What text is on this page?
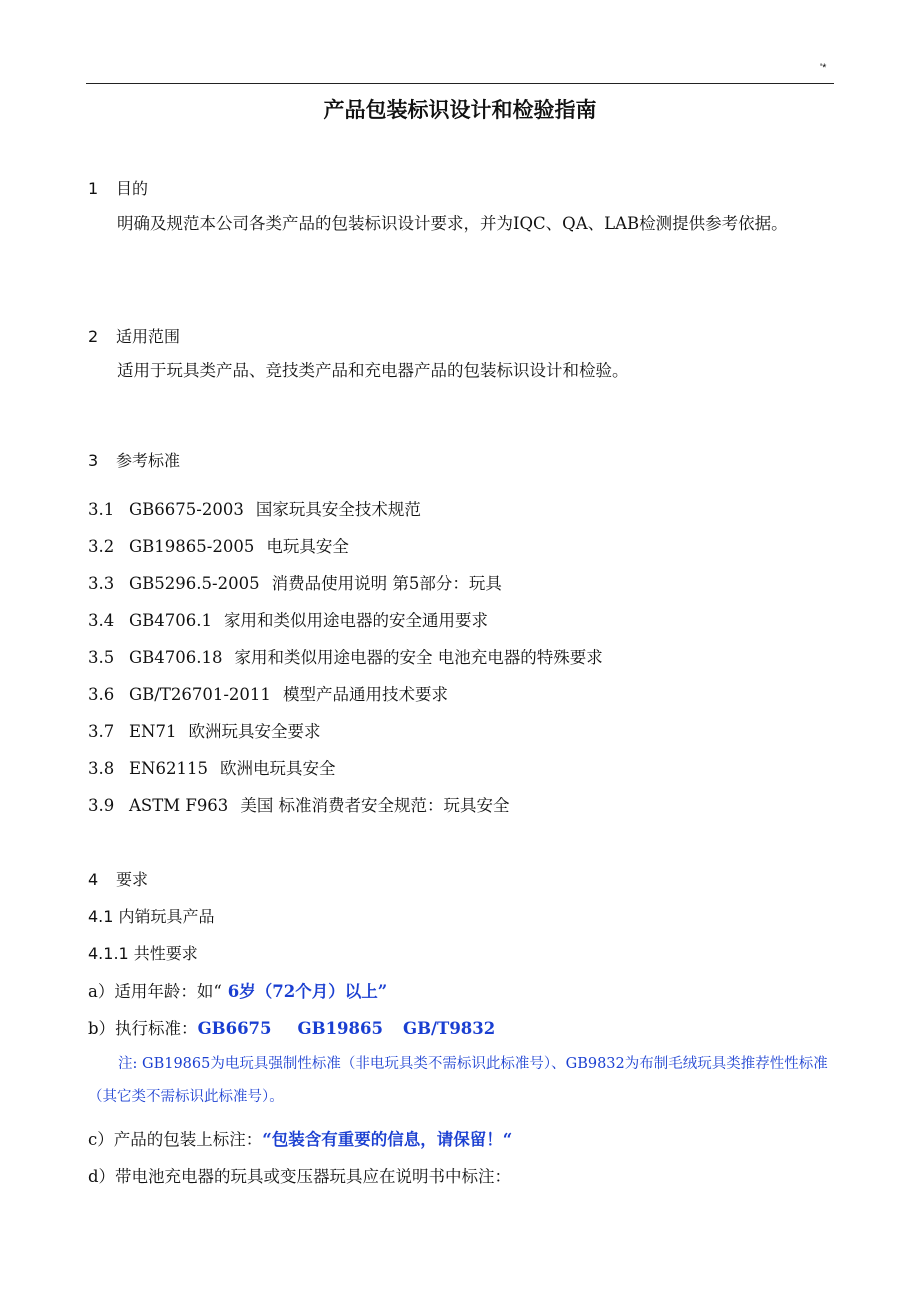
'*
产品包装标识设计和检验指南
1 目的
明确及规范本公司各类产品的包装标识设计要求，并为IQC、QA、LAB检测提供参考依据。
2 适用范围
适用于玩具类产品、竞技类产品和充电器产品的包装标识设计和检验。
3 参考标准
3.1 GB6675-2003 国家玩具安全技术规范
3.2 GB19865-2005 电玩具安全
3.3 GB5296.5-2005 消费品使用说明 第5部分：玩具
3.4 GB4706.1 家用和类似用途电器的安全通用要求
3.5 GB4706.18 家用和类似用途电器的安全 电池充电器的特殊要求
3.6 GB/T26701-2011 模型产品通用技术要求
3.7 EN71 欧洲玩具安全要求
3.8 EN62115 欧洲电玩具安全
3.9 ASTM F963 美国 标准消费者安全规范：玩具安全
4 要求
4.1 内销玩具产品
4.1.1 共性要求
a）适用年龄：如“ 6岁（72个月）以上”
b）执行标准：GB6675 GB19865 GB/T9832
注: GB19865为电玩具强制性标准（非电玩具类不需标识此标准号）、GB9832为布制毛绒玩具类推荐性性标准（其它类不需标识此标准号）。
c）产品的包装上标注：“包装含有重要的信息，请保留！“
d）带电池充电器的玩具或变压器玩具应在说明书中标注：
